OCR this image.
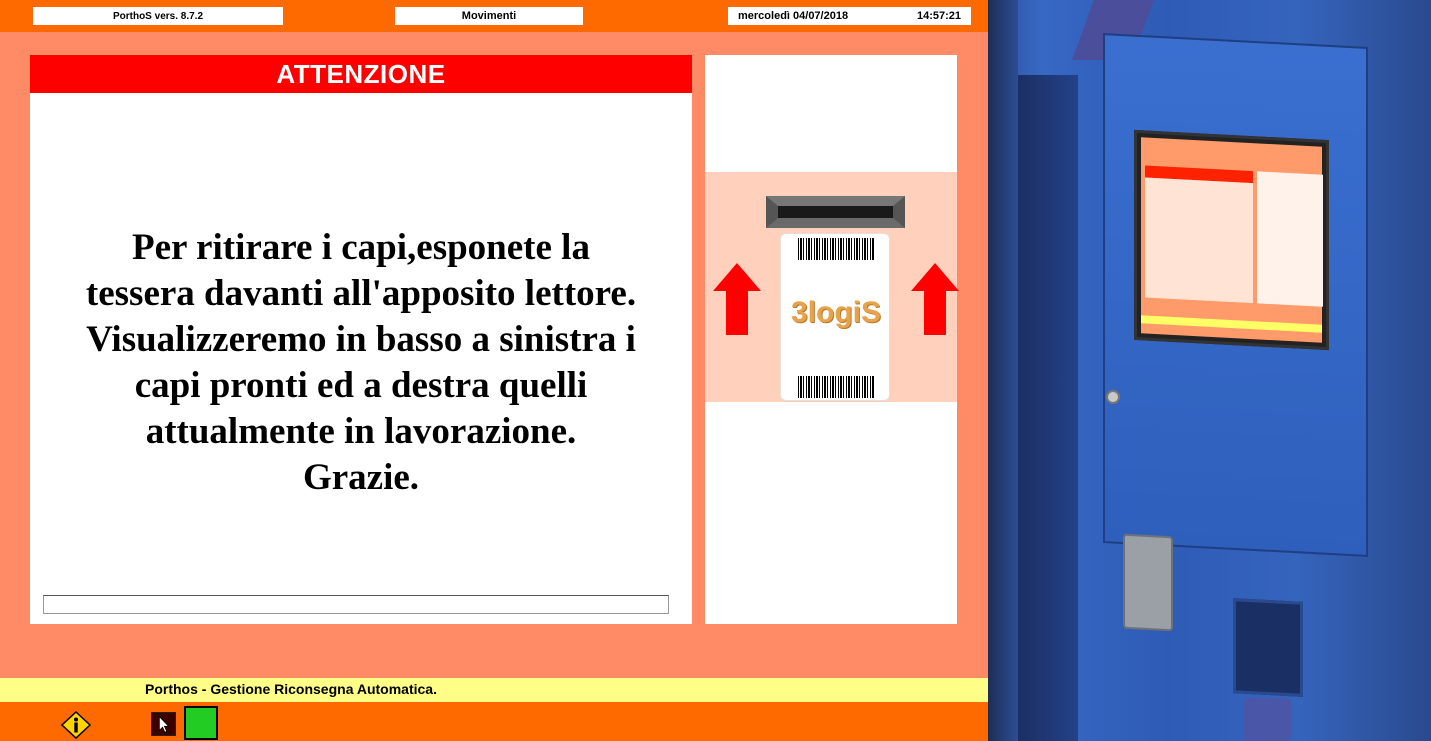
PorthoS vers. 8.7.2	Movimenti	mercoledì 04/07/2018	14:57:21
ATTENZIONE
Per ritirare i capi,esponete la
tessera davanti all'apposito lettore.
Visualizzeremo in basso a sinistra i
capi pronti ed a destra quelli
attualmente in lavorazione.
Grazie.
3logiS
Porthos - Gestione Riconsegna Automatica.
